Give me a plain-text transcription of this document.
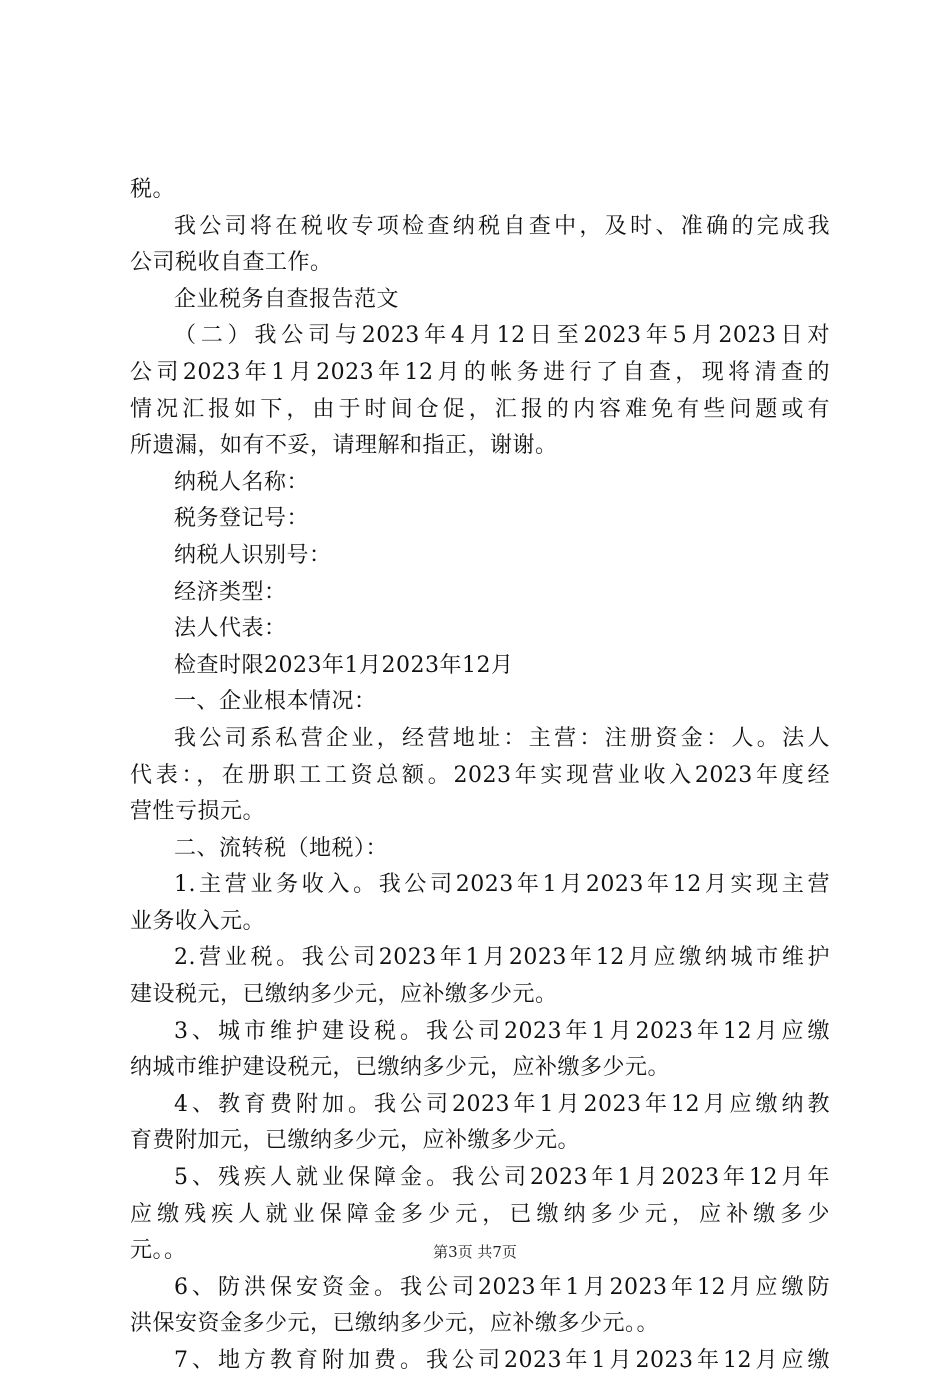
税。
我公司将在税收专项检查纳税自查中，及时、准确的完成我
公司税收自查工作。
企业税务自查报告范文
（二）我公司与2023年4月12日至2023年5月2023日对
公司2023年1月2023年12月的帐务进行了自查，现将清查的
情况汇报如下，由于时间仓促，汇报的内容难免有些问题或有
所遗漏，如有不妥，请理解和指正，谢谢。
纳税人名称：
税务登记号：
纳税人识别号：
经济类型：
法人代表：
检查时限2023年1月2023年12月
一、企业根本情况：
我公司系私营企业，经营地址：主营：注册资金：人。法人
代表：，在册职工工资总额。2023年实现营业收入2023年度经
营性亏损元。
二、流转税（地税）：
1.主营业务收入。我公司2023年1月2023年12月实现主营
业务收入元。
2.营业税。我公司2023年1月2023年12月应缴纳城市维护
建设税元，已缴纳多少元，应补缴多少元。
3、城市维护建设税。我公司2023年1月2023年12月应缴
纳城市维护建设税元，已缴纳多少元，应补缴多少元。
4、教育费附加。我公司2023年1月2023年12月应缴纳教
育费附加元，已缴纳多少元，应补缴多少元。
5、残疾人就业保障金。我公司2023年1月2023年12月年
应缴残疾人就业保障金多少元，已缴纳多少元，应补缴多少
元。。
6、防洪保安资金。我公司2023年1月2023年12月应缴防
洪保安资金多少元，已缴纳多少元，应补缴多少元。。
7、地方教育附加费。我公司2023年1月2023年12月应缴
第3页 共7页
